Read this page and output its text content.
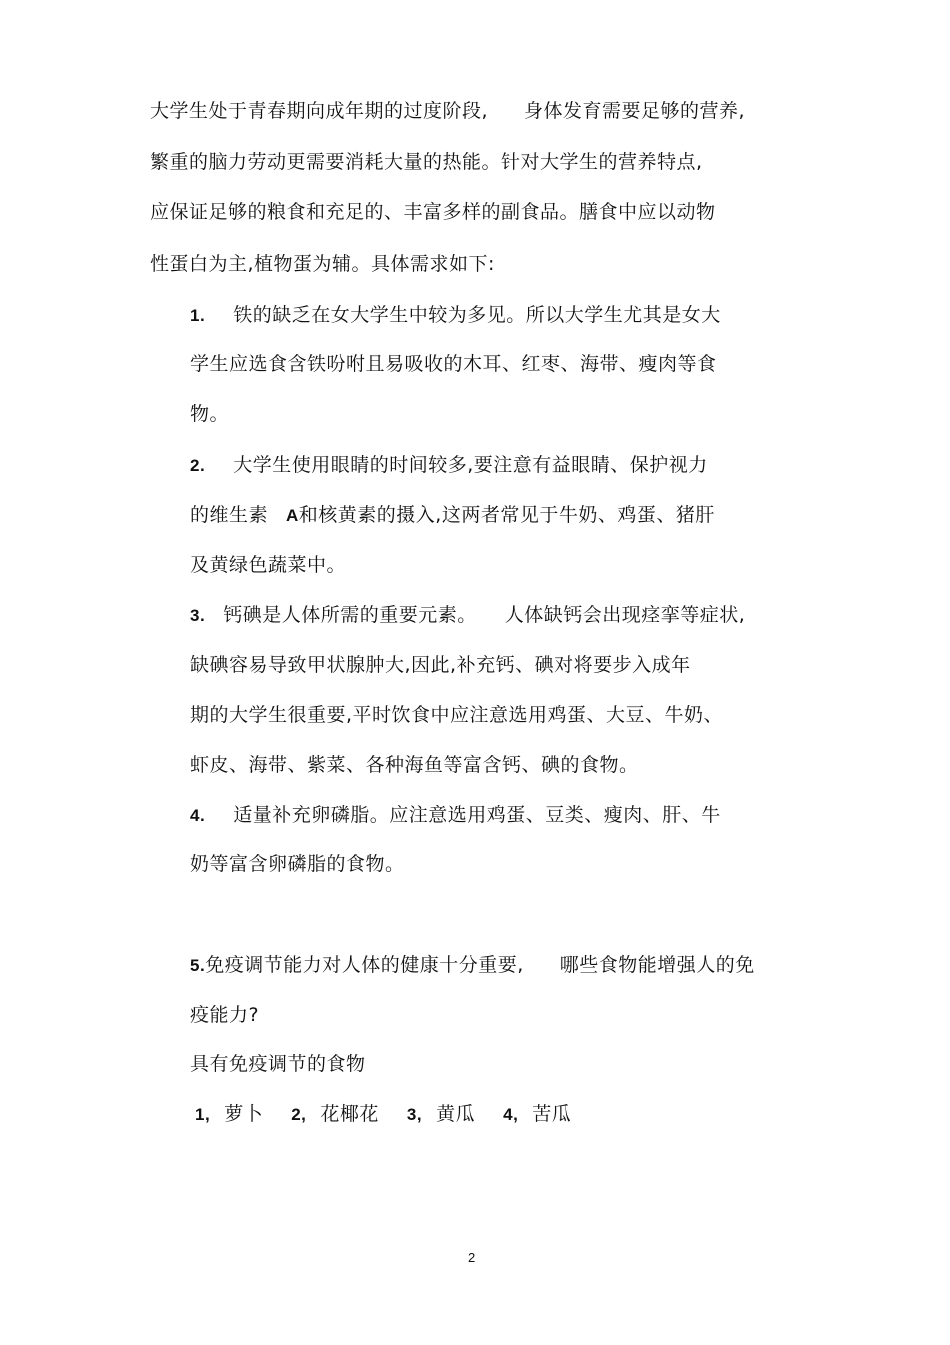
大学生处于青春期向成年期的过度阶段, 身体发育需要足够的营养,
繁重的脑力劳动更需要消耗大量的热能。针对大学生的营养特点,
应保证足够的粮食和充足的、丰富多样的副食品。膳食中应以动物
性蛋白为主,植物蛋为辅。具体需求如下:
1. 铁的缺乏在女大学生中较为多见。所以大学生尤其是女大
学生应选食含铁吩咐且易吸收的木耳、红枣、海带、瘦肉等食
物。
2. 大学生使用眼睛的时间较多,要注意有益眼睛、保护视力
的维生素 A和核黄素的摄入,这两者常见于牛奶、鸡蛋、猪肝
及黄绿色蔬菜中。
3. 钙碘是人体所需的重要元素。 人体缺钙会出现痉挛等症状,
缺碘容易导致甲状腺肿大,因此,补充钙、碘对将要步入成年
期的大学生很重要,平时饮食中应注意选用鸡蛋、大豆、牛奶、
虾皮、海带、紫菜、各种海鱼等富含钙、碘的食物。
4. 适量补充卵磷脂。应注意选用鸡蛋、豆类、瘦肉、肝、牛
奶等富含卵磷脂的食物。
5.免疫调节能力对人体的健康十分重要, 哪些食物能增强人的免
疫能力?
具有免疫调节的食物
1, 萝卜 2, 花椰花 3, 黄瓜 4, 苦瓜
2
